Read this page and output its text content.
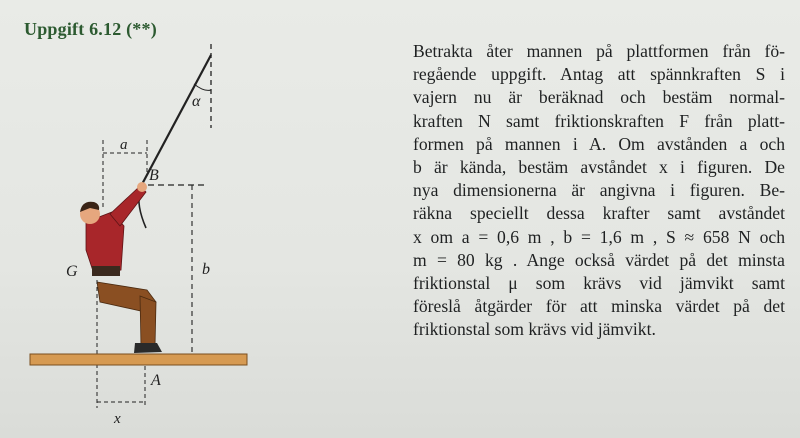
Uppgift 6.12 (**)
α
a
B
G	b
A
x
Betrakta åter mannen på plattformen från fö-
regående uppgift. Antag att spännkraften S i
vajern nu är beräknad och bestäm normal-
kraften N samt friktionskraften F från platt-
formen på mannen i A. Om avstånden a och
b är kända, bestäm avståndet x i figuren. De
nya dimensionerna är angivna i figuren. Be-
räkna speciellt dessa krafter samt avståndet
x om a = 0,6 m , b = 1,6 m , S ≈ 658 N och
m = 80 kg . Ange också värdet på det minsta
friktionstal μ som krävs vid jämvikt samt
föreslå åtgärder för att minska värdet på det
friktionstal som krävs vid jämvikt.
